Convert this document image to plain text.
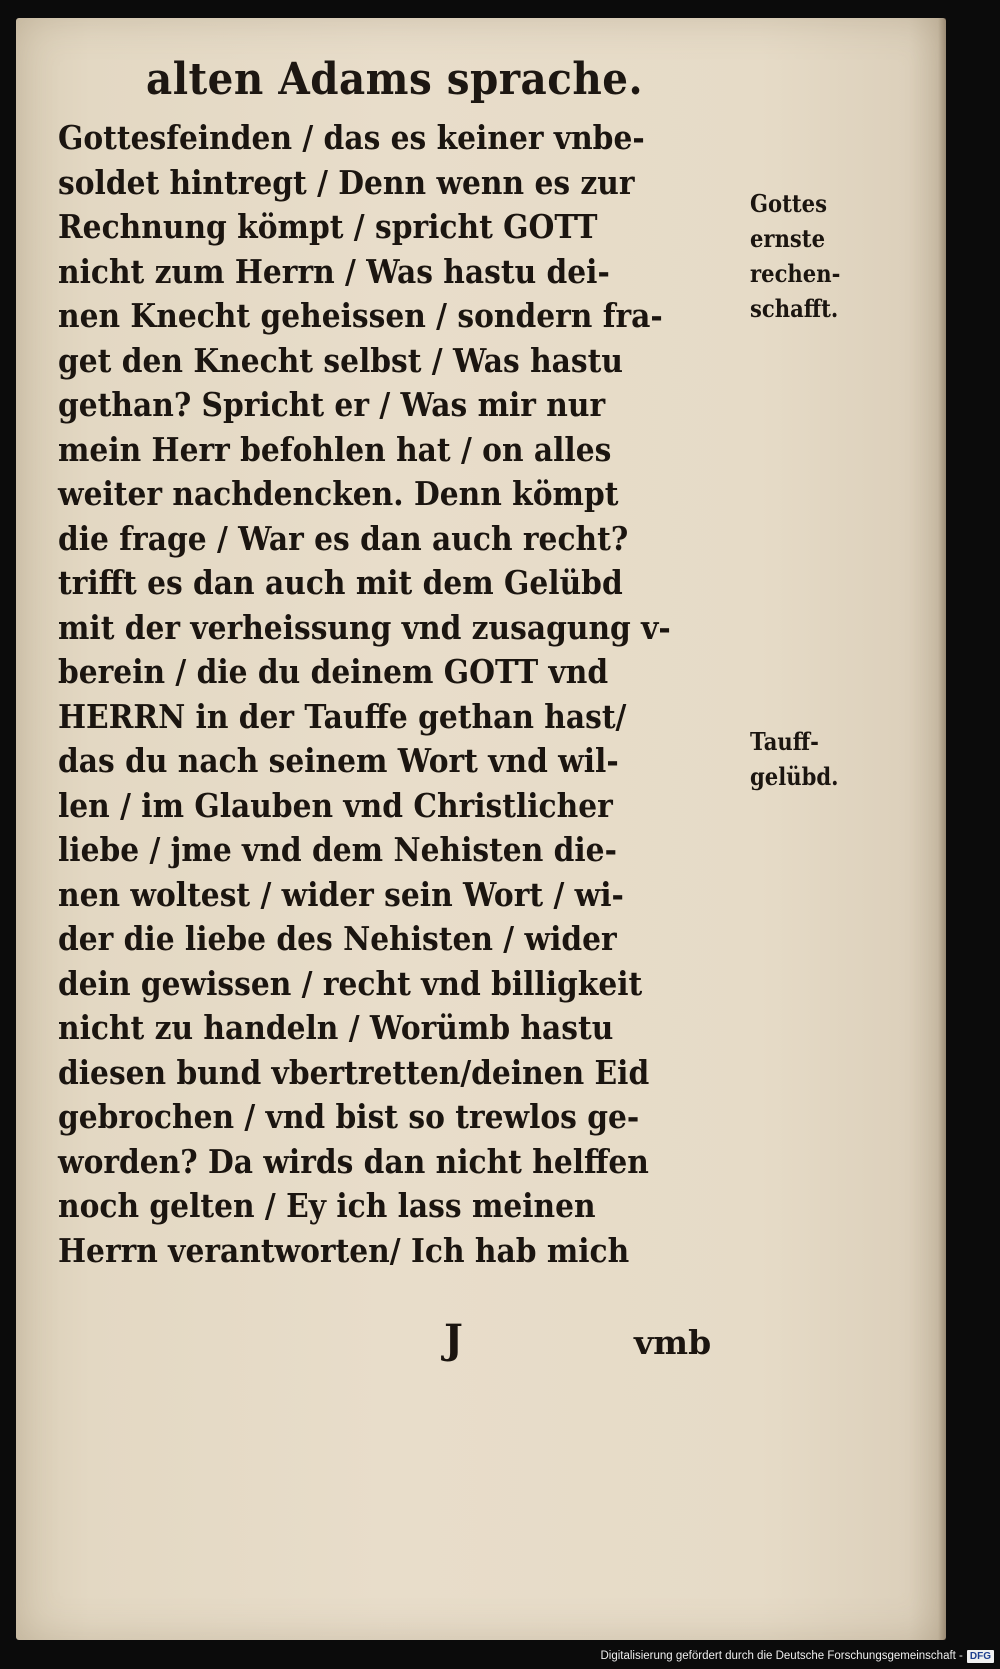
alten Adams sprache.
Gottesfeinden / das es keiner vnbe-
soldet hintregt / Denn wenn es zur
Rechnung kömpt / spricht GOTT
nicht zum Herrn / Was hastu dei-
nen Knecht geheissen / sondern fra-
get den Knecht selbst / Was hastu
gethan? Spricht er / Was mir nur
mein Herr befohlen hat / on alles
weiter nachdencken. Denn kömpt
die frage / War es dan auch recht?
trifft es dan auch mit dem Gelübd
mit der verheissung vnd zusagung v-
berein / die du deinem GOTT vnd
HERRN in der Tauffe gethan hast/
das du nach seinem Wort vnd wil-
len / im Glauben vnd Christlicher
liebe / jme vnd dem Nehisten die-
nen woltest / wider sein Wort / wi-
der die liebe des Nehisten / wider
dein gewissen / recht vnd billigkeit
nicht zu handeln / Worümb hastu
diesen bund vbertretten/deinen Eid
gebrochen / vnd bist so trewlos ge-
worden? Da wirds dan nicht helffen
noch gelten / Ey ich lass meinen
Herrn verantworten/ Ich hab mich
Gottes
ernste
rechen-
schafft.
Tauff-
gelübd.
J	vmb
Digitalisierung gefördert durch die Deutsche Forschungsgemeinschaft - DFG
